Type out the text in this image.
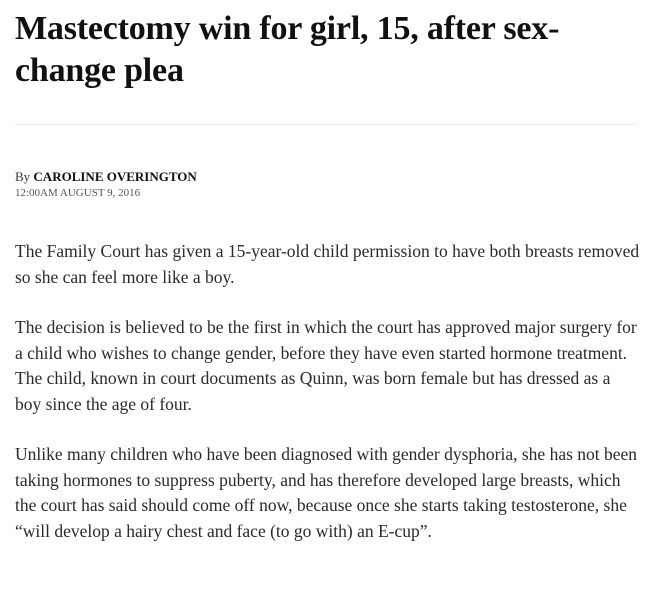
Mastectomy win for girl, 15, after sex-change plea
By CAROLINE OVERINGTON
12:00AM AUGUST 9, 2016

The Family Court has given a 15-year-old child permission to have both breasts removed so she can feel more like a boy.

The decision is believed to be the first in which the court has approved major surgery for a child who wishes to change gender, before they have even started hormone treatment. The child, known in court documents as Quinn, was born female but has dressed as a boy since the age of four.

Unlike many children who have been diagnosed with gender dysphoria, she has not been taking hormones to suppress puberty, and has therefore developed large breasts, which the court has said should come off now, because once she starts taking testosterone, she “will develop a hairy chest and face (to go with) an E-cup”.
